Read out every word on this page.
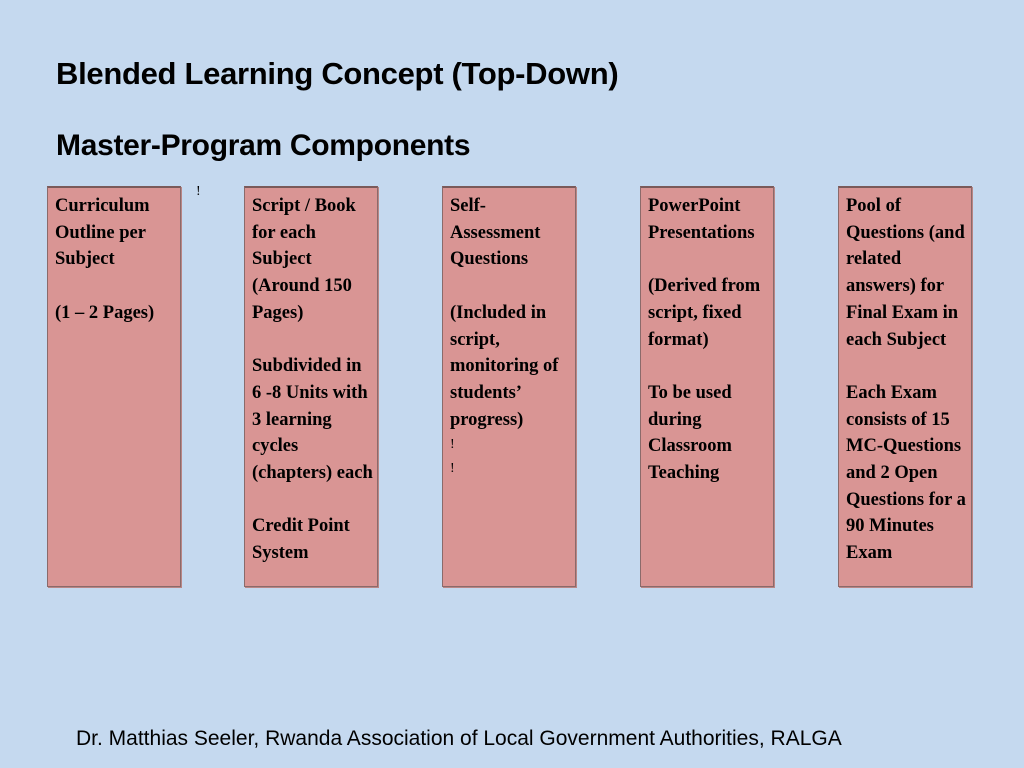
Blended Learning Concept (Top-Down)
Master-Program Components
!

Curriculum Outline per Subject

(1 – 2 Pages)

Script / Book for each Subject (Around 150 Pages)

Subdivided in 6 -8 Units with 3 learning cycles (chapters) each

Credit Point System

Self-Assessment Questions

(Included in script, monitoring of students’ progress)

!
!

PowerPoint Presentations

(Derived from script, fixed format)

To be used during Classroom Teaching

Pool of Questions (and related answers) for Final Exam in each Subject

Each Exam consists of 15 MC-Questions and 2 Open Questions for a 90 Minutes Exam

Dr. Matthias Seeler, Rwanda Association of Local Government Authorities, RALGA
